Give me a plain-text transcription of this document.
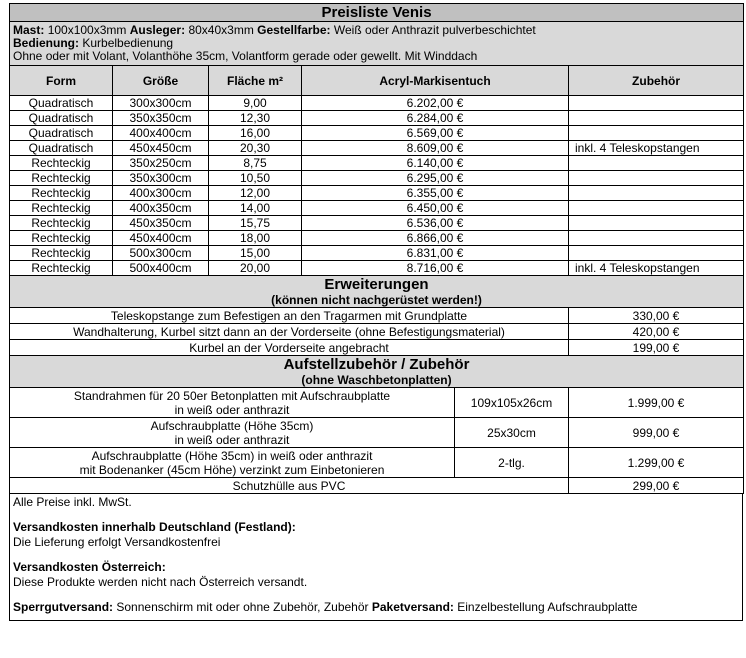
Preisliste Venis				

Mast: 100x100x3mm Ausleger: 80x40x3mm Gestellfarbe: Weiß oder Anthrazit pulverbeschichtet
Bedienung: Kurbelbedienung
Ohne oder mit Volant, Volanthöhe 35cm, Volantform gerade oder gewellt. Mit Winddach				

Form	Größe	Fläche m²	Acryl-Markisentuch	Zubehör
Quadratisch	300x300cm	9,00	6.202,00 €	
Quadratisch	350x350cm	12,30	6.284,00 €	
Quadratisch	400x400cm	16,00	6.569,00 €	
Quadratisch	450x450cm	20,30	8.609,00 €	inkl. 4 Teleskopstangen
Rechteckig	350x250cm	8,75	6.140,00 €	
Rechteckig	350x300cm	10,50	6.295,00 €	
Rechteckig	400x300cm	12,00	6.355,00 €	
Rechteckig	400x350cm	14,00	6.450,00 €	
Rechteckig	450x350cm	15,75	6.536,00 €	
Rechteckig	450x400cm	18,00	6.866,00 €	
Rechteckig	500x300cm	15,00	6.831,00 €	
Rechteckig	500x400cm	20,00	8.716,00 €	inkl. 4 Teleskopstangen
Erweiterungen
(können nicht nachgerüstet werden!)	

Teleskopstange zum Befestigen an den Tragarmen mit Grundplatte	330,00 €
Wandhalterung, Kurbel sitzt dann an der Vorderseite (ohne Befestigungsmaterial)	420,00 €
Kurbel an der Vorderseite angebracht	199,00 €
Aufstellzubehör / Zubehör
(ohne Waschbetonplatten)		

Standrahmen für 20 50er Betonplatten mit Aufschraubplatte
in weiß oder anthrazit	109x105x26cm	1.999,00 €

Aufschraubplatte (Höhe 35cm)
in weiß oder anthrazit	25x30cm	999,00 €

Aufschraubplatte (Höhe 35cm) in weiß oder anthrazit
mit Bodenanker (45cm Höhe) verzinkt zum Einbetonieren	2-tlg.	1.299,00 €
Schutzhülle aus PVC		299,00 €

Alle Preise inkl. MwSt.

Versandkosten innerhalb Deutschland (Festland):

Die Lieferung erfolgt Versandkostenfrei

Versandkosten Österreich:

Diese Produkte werden nicht nach Österreich versandt.

Sperrgutversand: Sonnenschirm mit oder ohne Zubehör, Zubehör Paketversand: Einzelbestellung Aufschraubplatte
